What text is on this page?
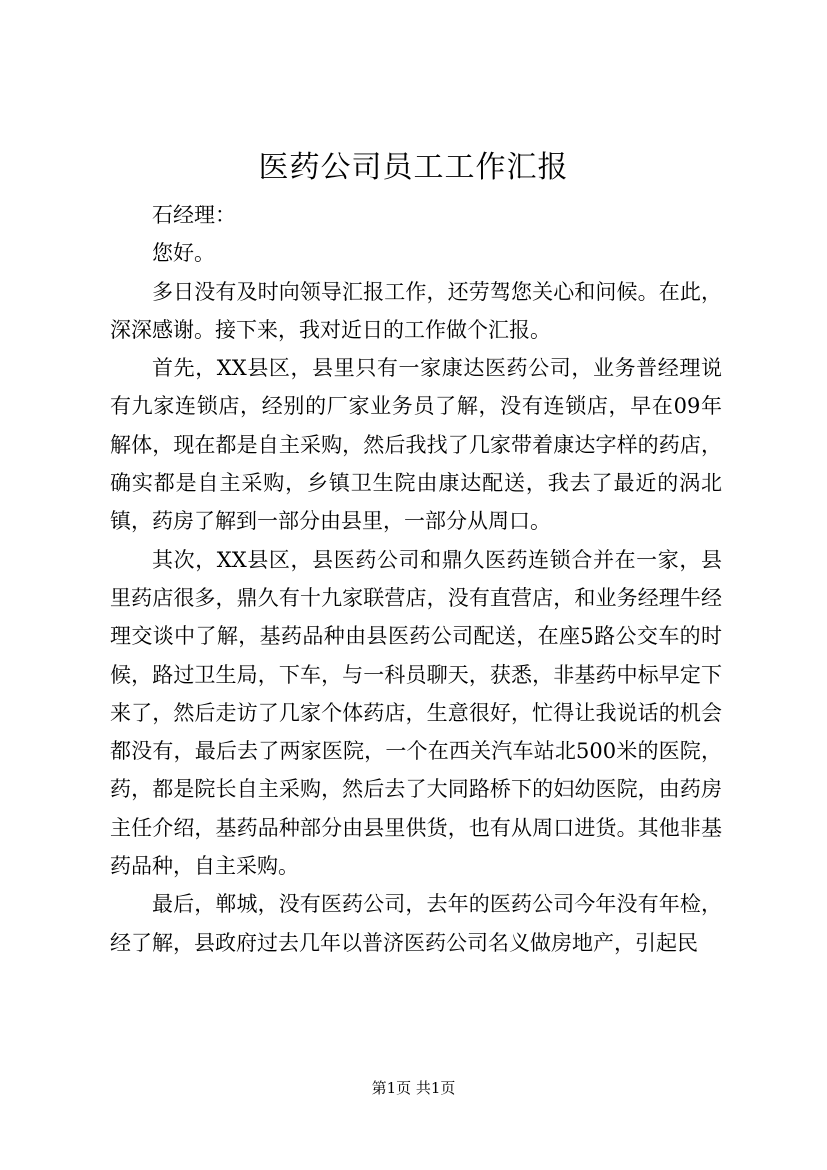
医药公司员工工作汇报

石经理：

您好。

多日没有及时向领导汇报工作，还劳驾您关心和问候。在此，深深感谢。接下来，我对近日的工作做个汇报。

首先，XX县区，县里只有一家康达医药公司，业务普经理说有九家连锁店，经别的厂家业务员了解，没有连锁店，早在09年解体，现在都是自主采购，然后我找了几家带着康达字样的药店，确实都是自主采购，乡镇卫生院由康达配送，我去了最近的涡北镇，药房了解到一部分由县里，一部分从周口。

其次，XX县区，县医药公司和鼎久医药连锁合并在一家，县里药店很多，鼎久有十九家联营店，没有直营店，和业务经理牛经理交谈中了解，基药品种由县医药公司配送，在座5路公交车的时候，路过卫生局，下车，与一科员聊天，获悉，非基药中标早定下来了，然后走访了几家个体药店，生意很好，忙得让我说话的机会都没有，最后去了两家医院，一个在西关汽车站北500米的医院，药，都是院长自主采购，然后去了大同路桥下的妇幼医院，由药房主任介绍，基药品种部分由县里供货，也有从周口进货。其他非基药品种，自主采购。

最后，郸城，没有医药公司，去年的医药公司今年没有年检，经了解，县政府过去几年以普济医药公司名义做房地产，引起民

第1页 共1页
